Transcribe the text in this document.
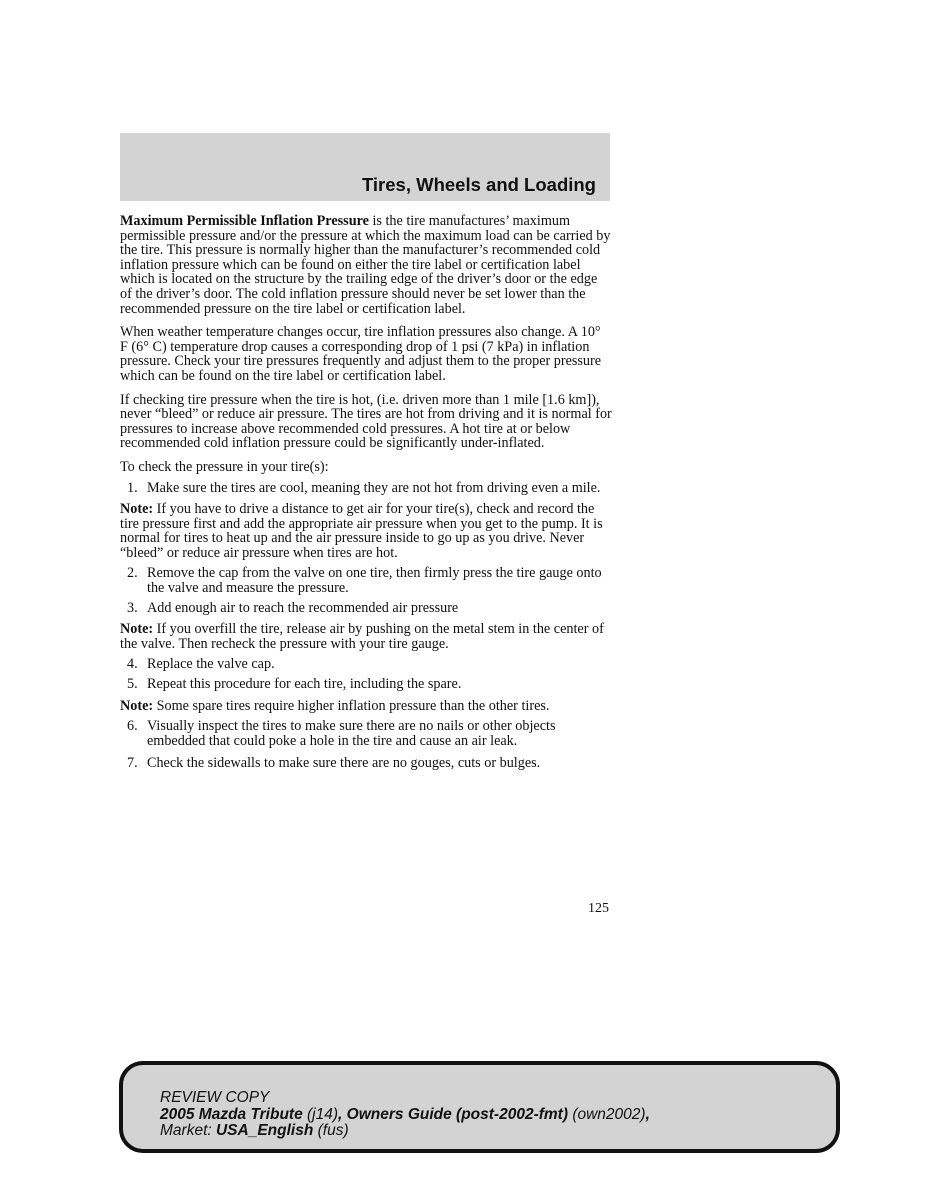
Tires, Wheels and Loading

Maximum Permissible Inflation Pressure is the tire manufactures’ maximum permissible pressure and/or the pressure at which the maximum load can be carried by the tire. This pressure is normally higher than the manufacturer’s recommended cold inflation pressure which can be found on either the tire label or certification label which is located on the structure by the trailing edge of the driver’s door or the edge of the driver’s door. The cold inflation pressure should never be set lower than the recommended pressure on the tire label or certification label.

When weather temperature changes occur, tire inflation pressures also change. A 10° F (6° C) temperature drop causes a corresponding drop of 1 psi (7 kPa) in inflation pressure. Check your tire pressures frequently and adjust them to the proper pressure which can be found on the tire label or certification label.

If checking tire pressure when the tire is hot, (i.e. driven more than 1 mile [1.6 km]), never “bleed” or reduce air pressure. The tires are hot from driving and it is normal for pressures to increase above recommended cold pressures. A hot tire at or below recommended cold inflation pressure could be significantly under-inflated.

To check the pressure in your tire(s):

1. Make sure the tires are cool, meaning they are not hot from driving even a mile.

Note: If you have to drive a distance to get air for your tire(s), check and record the tire pressure first and add the appropriate air pressure when you get to the pump. It is normal for tires to heat up and the air pressure inside to go up as you drive. Never “bleed” or reduce air pressure when tires are hot.

2. Remove the cap from the valve on one tire, then firmly press the tire gauge onto the valve and measure the pressure.
3. Add enough air to reach the recommended air pressure

Note: If you overfill the tire, release air by pushing on the metal stem in the center of the valve. Then recheck the pressure with your tire gauge.

4. Replace the valve cap.
5. Repeat this procedure for each tire, including the spare.

Note: Some spare tires require higher inflation pressure than the other tires.

6. Visually inspect the tires to make sure there are no nails or other objects embedded that could poke a hole in the tire and cause an air leak.
7. Check the sidewalls to make sure there are no gouges, cuts or bulges.
125
REVIEW COPY
2005 Mazda Tribute (j14), Owners Guide (post-2002-fmt) (own2002),
Market: USA_English (fus)
